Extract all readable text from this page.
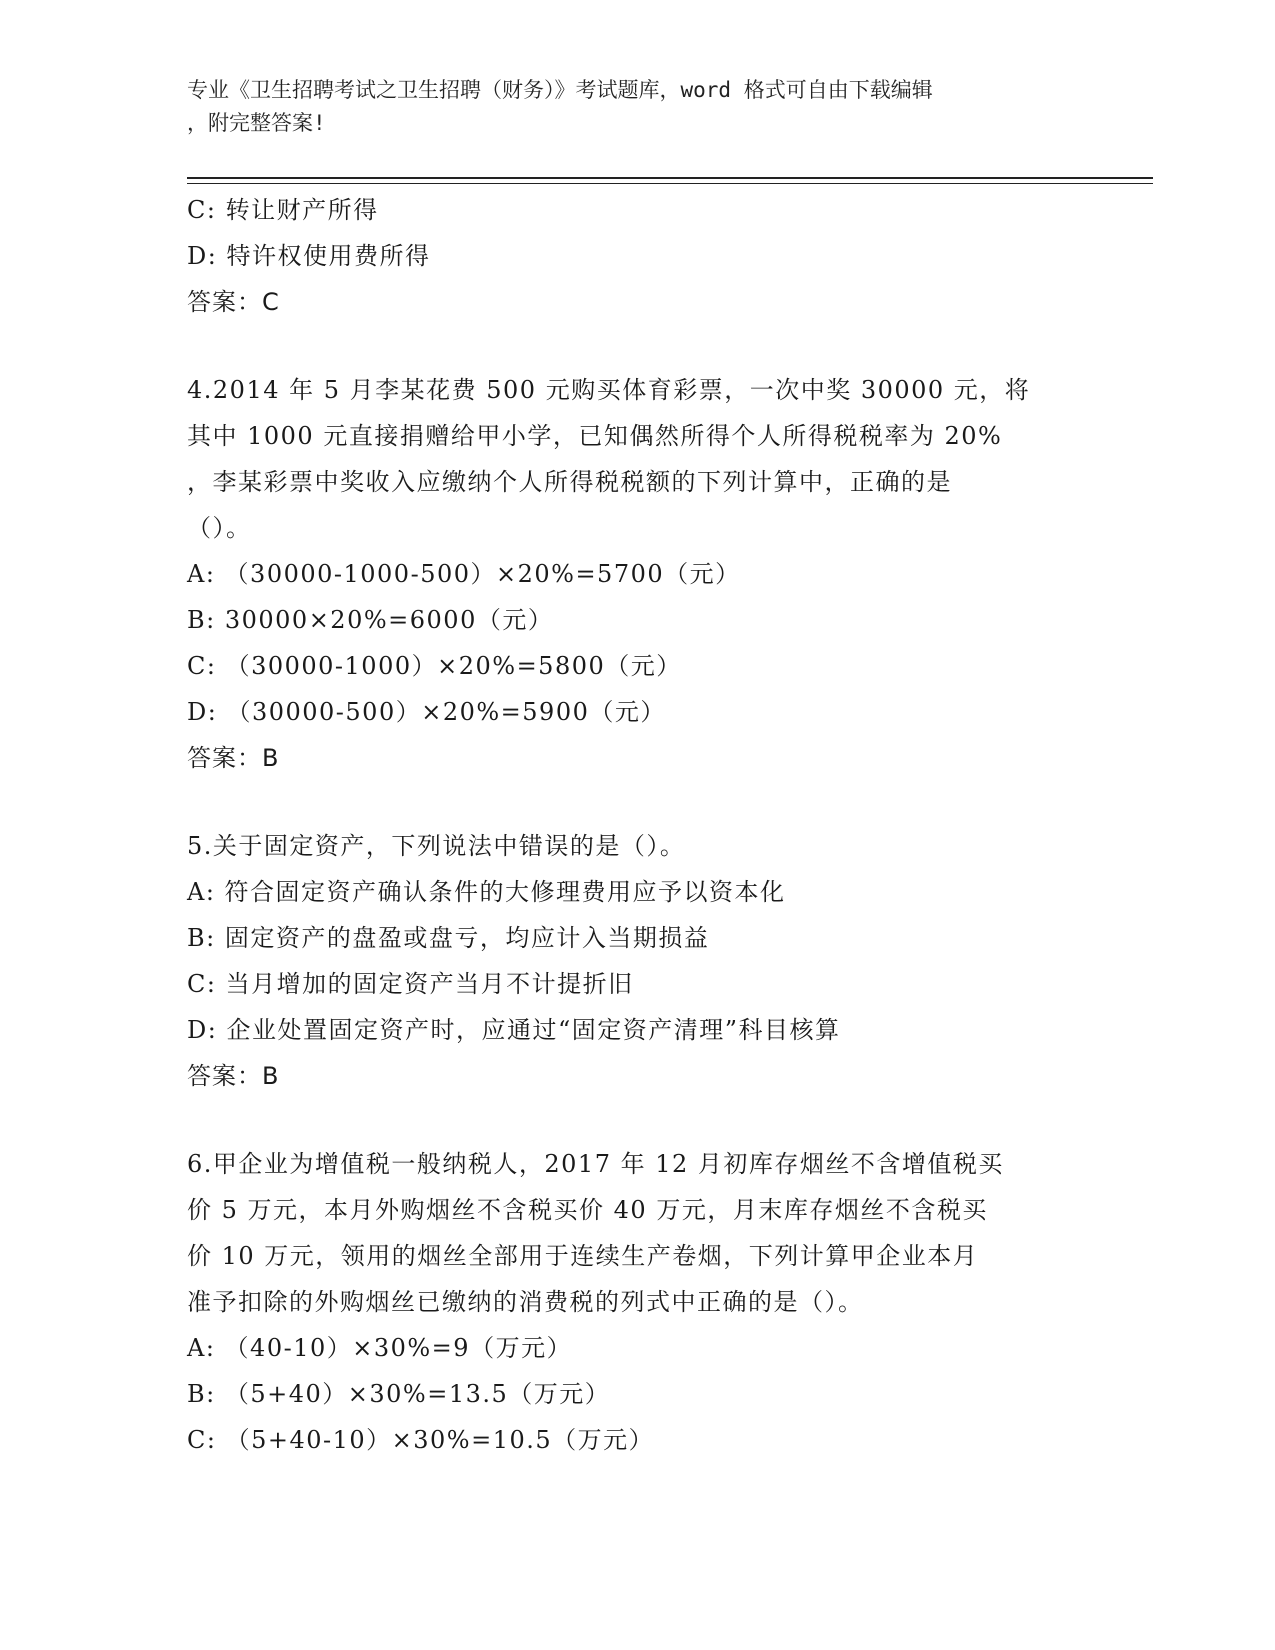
专业《卫生招聘考试之卫生招聘（财务）》考试题库，word 格式可自由下载编辑
，附完整答案!
C: 转让财产所得
D: 特许权使用费所得
答案：C
4.2014 年 5 月李某花费 500 元购买体育彩票，一次中奖 30000 元，将
其中 1000 元直接捐赠给甲小学，已知偶然所得个人所得税税率为 20%
，李某彩票中奖收入应缴纳个人所得税税额的下列计算中，正确的是
（）。
A: （30000-1000-500）×20%=5700（元）
B: 30000×20%=6000（元）
C: （30000-1000）×20%=5800（元）
D: （30000-500）×20%=5900（元）
答案：B
5.关于固定资产，下列说法中错误的是（）。
A: 符合固定资产确认条件的大修理费用应予以资本化
B: 固定资产的盘盈或盘亏，均应计入当期损益
C: 当月增加的固定资产当月不计提折旧
D: 企业处置固定资产时，应通过“固定资产清理”科目核算
答案：B
6.甲企业为增值税一般纳税人，2017 年 12 月初库存烟丝不含增值税买
价 5 万元，本月外购烟丝不含税买价 40 万元，月末库存烟丝不含税买
价 10 万元，领用的烟丝全部用于连续生产卷烟，下列计算甲企业本月
准予扣除的外购烟丝已缴纳的消费税的列式中正确的是（）。
A: （40-10）×30%=9（万元）
B: （5+40）×30%=13.5（万元）
C: （5+40-10）×30%=10.5（万元）
